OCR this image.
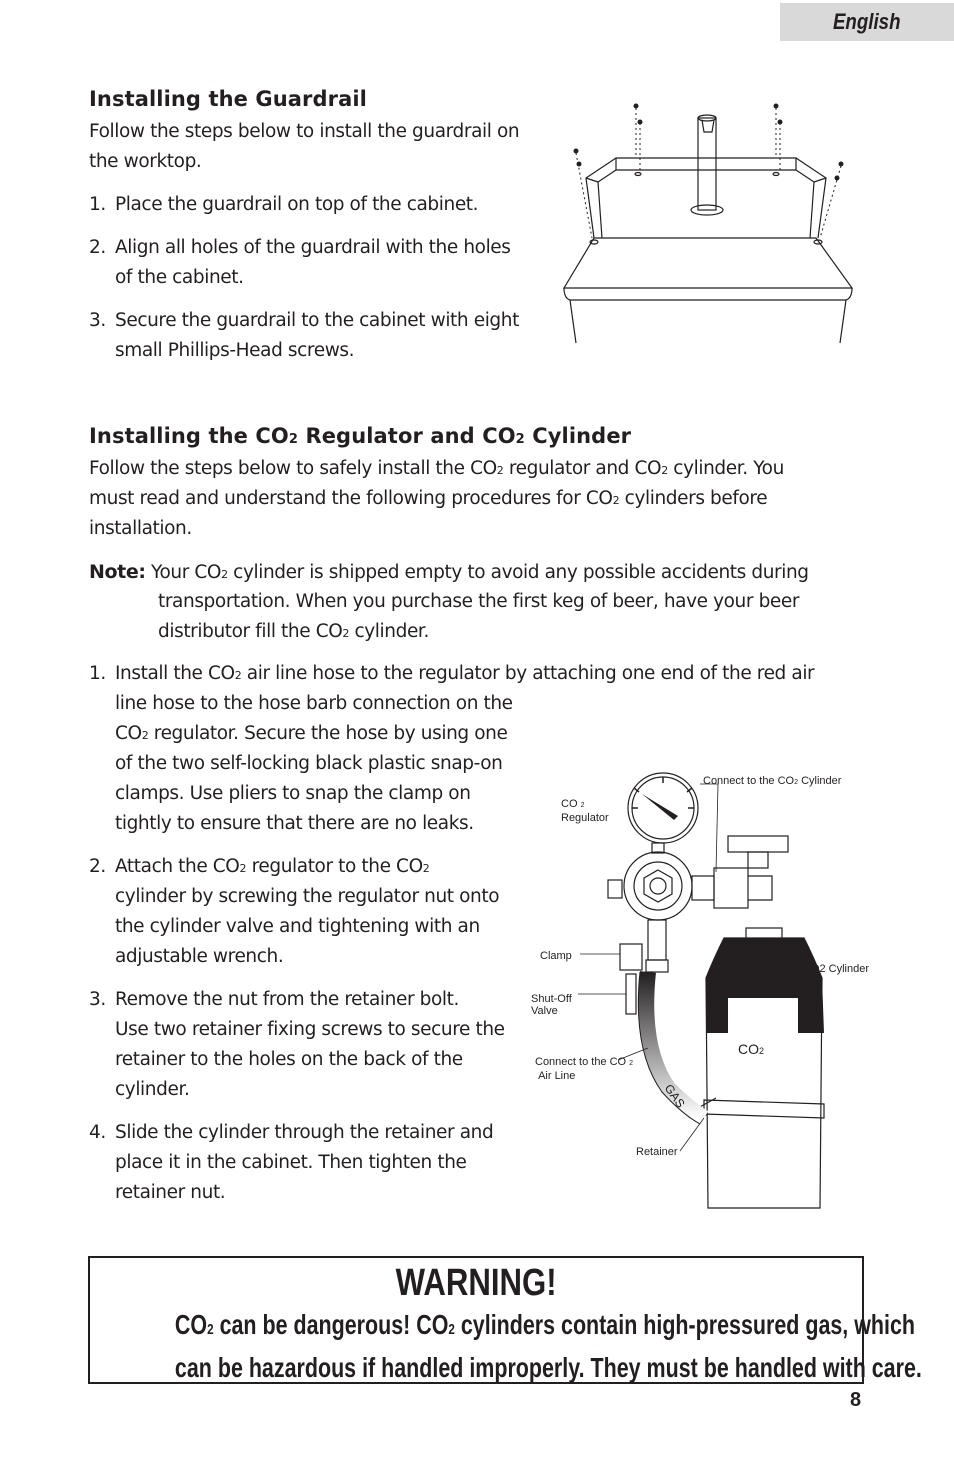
English
Installing the Guardrail
Follow the steps below to install the guardrail on
the worktop.
1. Place the guardrail on top of the cabinet.
2. Align all holes of the guardrail with the holes
of the cabinet.
3. Secure the guardrail to the cabinet with eight
small Phillips-Head screws.
Installing the CO2 Regulator and CO2 Cylinder
Follow the steps below to safely install the CO2 regulator and CO2 cylinder. You
must read and understand the following procedures for CO2 cylinders before
installation.
Note: Your CO2 cylinder is shipped empty to avoid any possible accidents during
transportation. When you purchase the first keg of beer, have your beer
distributor fill the CO2 cylinder.
1. Install the CO2 air line hose to the regulator by attaching one end of the red air
line hose to the hose barb connection on the
CO2 regulator. Secure the hose by using one
of the two self-locking black plastic snap-on
clamps. Use pliers to snap the clamp on
tightly to ensure that there are no leaks.
2. Attach the CO2 regulator to the CO2
cylinder by screwing the regulator nut onto
the cylinder valve and tightening with an
adjustable wrench.
3. Remove the nut from the retainer bolt.
Use two retainer fixing screws to secure the
retainer to the holes on the back of the
cylinder.
4. Slide the cylinder through the retainer and
place it in the cabinet. Then tighten the
retainer nut.
Connect to the CO2 Cylinder
CO 2
Regulator
Clamp
CO2 Cylinder
Shut-Off
Valve
Connect to the CO 2
Air Line
Retainer
CO2
GAS
WARNING!
CO2 can be dangerous! CO2 cylinders contain high-pressured gas, which
can be hazardous if handled improperly. They must be handled with care.
8
